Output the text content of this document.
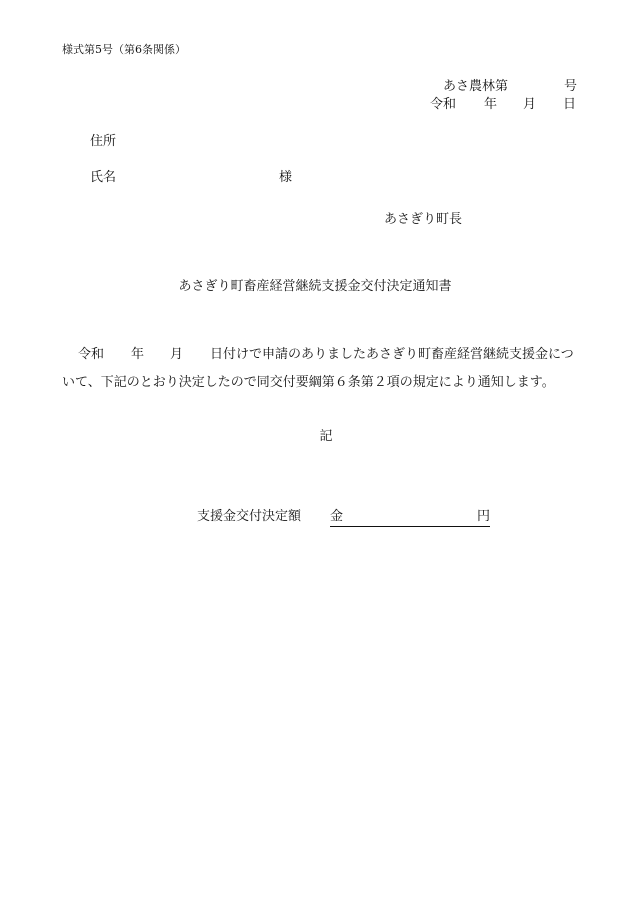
様式第5号（第6条関係）
あさ農林第	号
令和 年 月 日
住所
氏名	様
あさぎり町長
あさぎり町畜産経営継続支援金交付決定通知書
令和 年 月 日付けで申請のありましたあさぎり町畜産経営継続支援金につ
いて、下記のとおり決定したので同交付要綱第６条第２項の規定により通知します。
記
支援金交付決定額 金	円
